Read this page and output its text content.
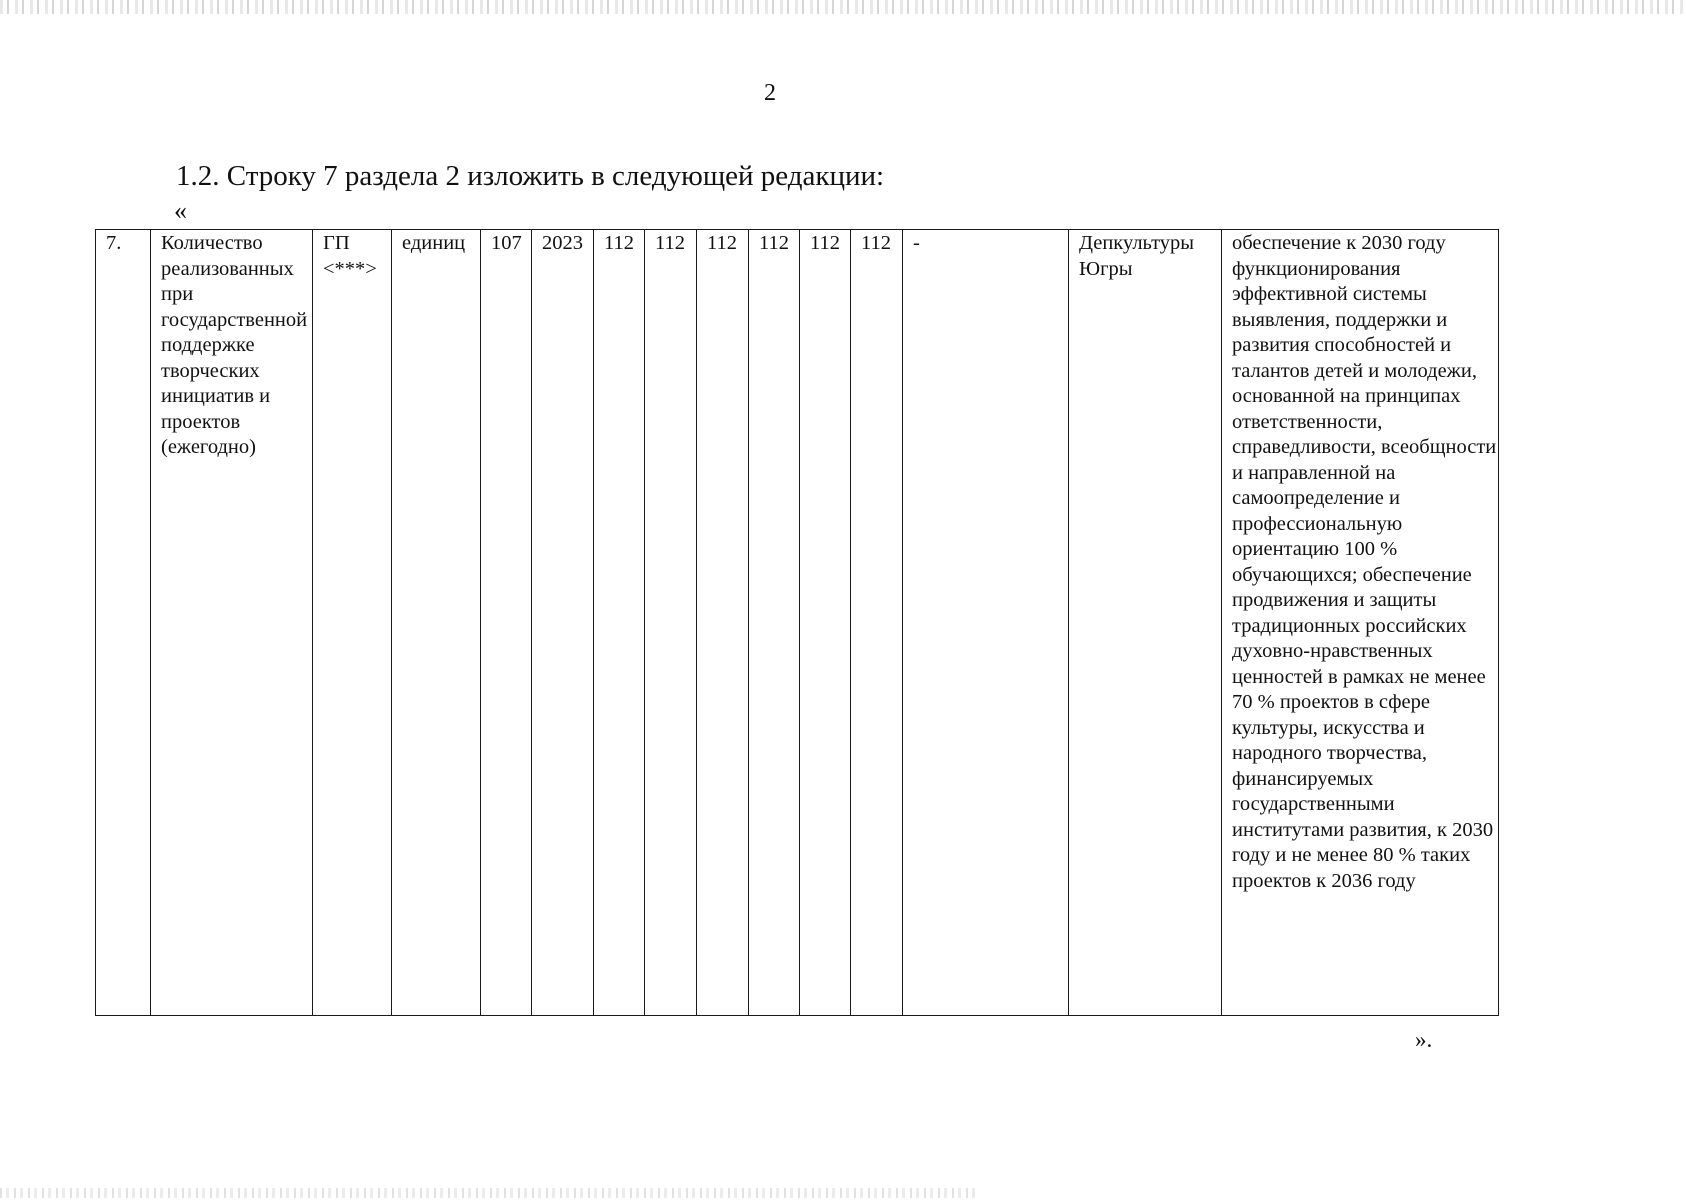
2
1.2. Строку 7 раздела 2 изложить в следующей редакции:
«
7.	Количество реализованных при государственной поддержке творческих инициатив и проектов (ежегодно)	ГП <***>	единиц	107	2023	112	112	112	112	112	112	-	Депкультуры Югры	обеспечение к 2030 году функционирования эффективной системы выявления, поддержки и развития способностей и талантов детей и молодежи, основанной на принципах ответственности, справедливости, всеобщности и направленной на самоопределение и профессиональную ориентацию 100 % обучающихся; обеспечение продвижения и защиты традиционных российских духовно-нравственных ценностей в рамках не менее 70 % проектов в сфере культуры, искусства и народного творчества, финансируемых государственными институтами развития, к 2030 году и не менее 80 % таких проектов к 2036 году
».
